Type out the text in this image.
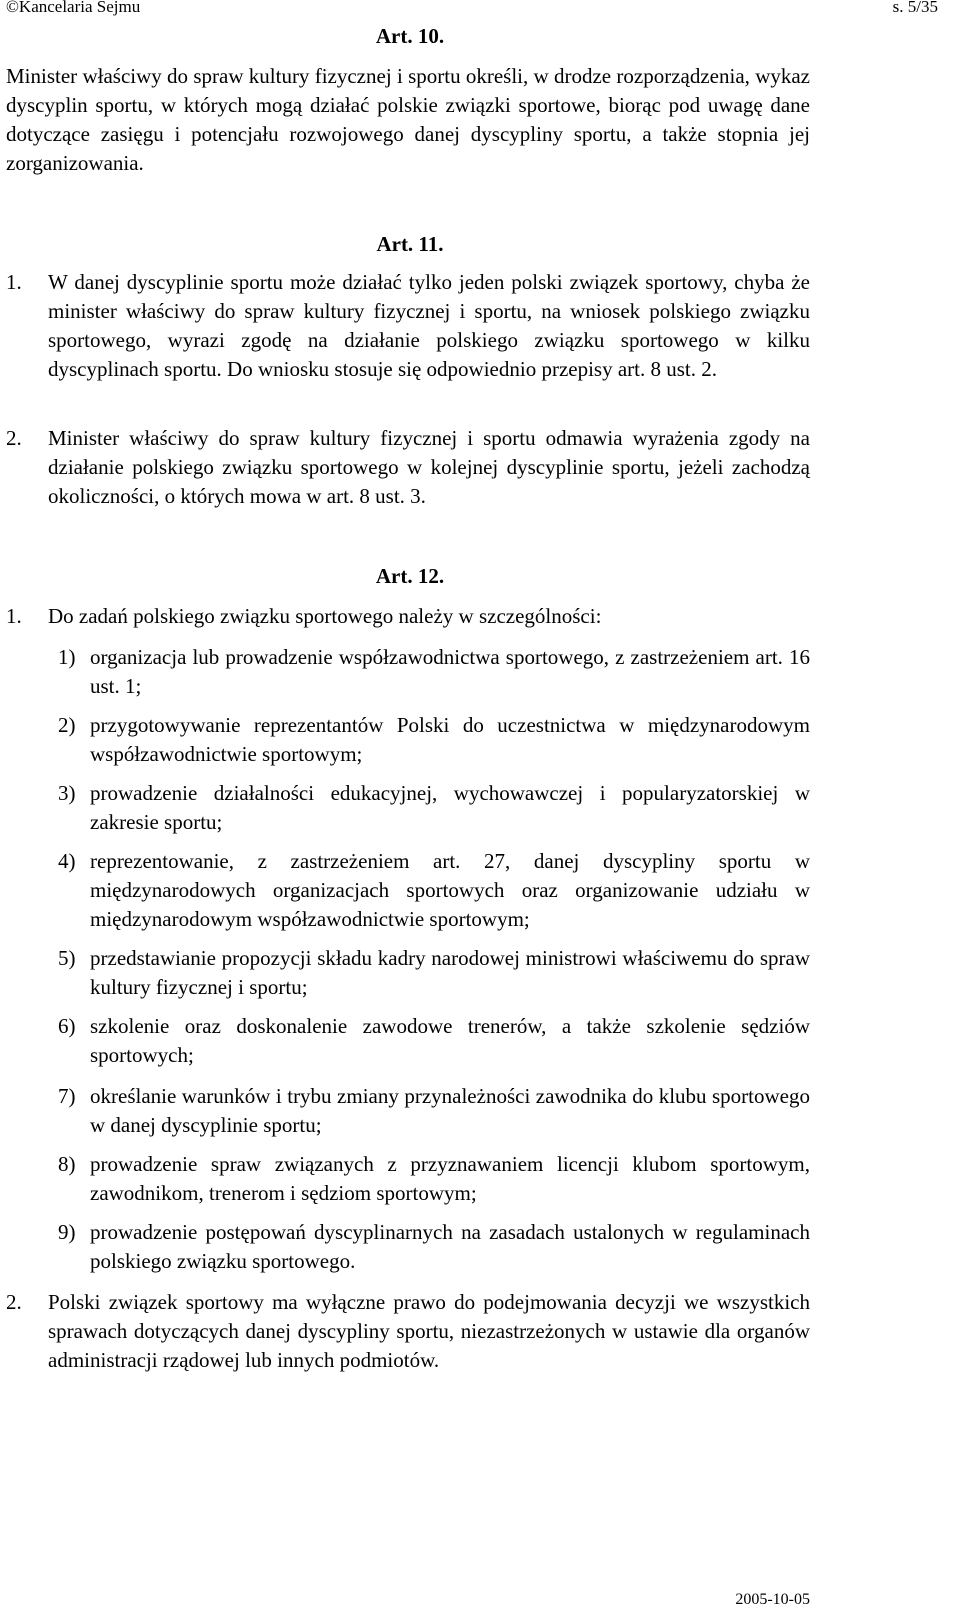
©Kancelaria Sejmu	s. 5/35
Art. 10.
Minister właściwy do spraw kultury fizycznej i sportu określi, w drodze rozporządzenia, wykaz dyscyplin sportu, w których mogą działać polskie związki sportowe, biorąc pod uwagę dane dotyczące zasięgu i potencjału rozwojowego danej dyscypliny sportu, a także stopnia jej zorganizowania.
Art. 11.
1.	W danej dyscyplinie sportu może działać tylko jeden polski związek sportowy, chyba że minister właściwy do spraw kultury fizycznej i sportu, na wniosek polskiego związku sportowego, wyrazi zgodę na działanie polskiego związku sportowego w kilku dyscyplinach sportu. Do wniosku stosuje się odpowiednio przepisy art. 8 ust. 2.
2.	Minister właściwy do spraw kultury fizycznej i sportu odmawia wyrażenia zgody na działanie polskiego związku sportowego w kolejnej dyscyplinie sportu, jeżeli zachodzą okoliczności, o których mowa w art. 8 ust. 3.
Art. 12.
1.	Do zadań polskiego związku sportowego należy w szczególności:
1) organizacja lub prowadzenie współzawodnictwa sportowego, z zastrzeżeniem art. 16 ust. 1;
2) przygotowywanie reprezentantów Polski do uczestnictwa w międzynarodowym współzawodnictwie sportowym;
3) prowadzenie działalności edukacyjnej, wychowawczej i popularyzatorskiej w zakresie sportu;
4) reprezentowanie, z zastrzeżeniem art. 27, danej dyscypliny sportu w międzynarodowych organizacjach sportowych oraz organizowanie udziału w międzynarodowym współzawodnictwie sportowym;
5) przedstawianie propozycji składu kadry narodowej ministrowi właściwemu do spraw kultury fizycznej i sportu;
6) szkolenie oraz doskonalenie zawodowe trenerów, a także szkolenie sędziów sportowych;
7) określanie warunków i trybu zmiany przynależności zawodnika do klubu sportowego w danej dyscyplinie sportu;
8) prowadzenie spraw związanych z przyznawaniem licencji klubom sportowym, zawodnikom, trenerom i sędziom sportowym;
9) prowadzenie postępowań dyscyplinarnych na zasadach ustalonych w regulaminach polskiego związku sportowego.
2.	Polski związek sportowy ma wyłączne prawo do podejmowania decyzji we wszystkich sprawach dotyczących danej dyscypliny sportu, niezastrzeżonych w ustawie dla organów administracji rządowej lub innych podmiotów.
2005-10-05
